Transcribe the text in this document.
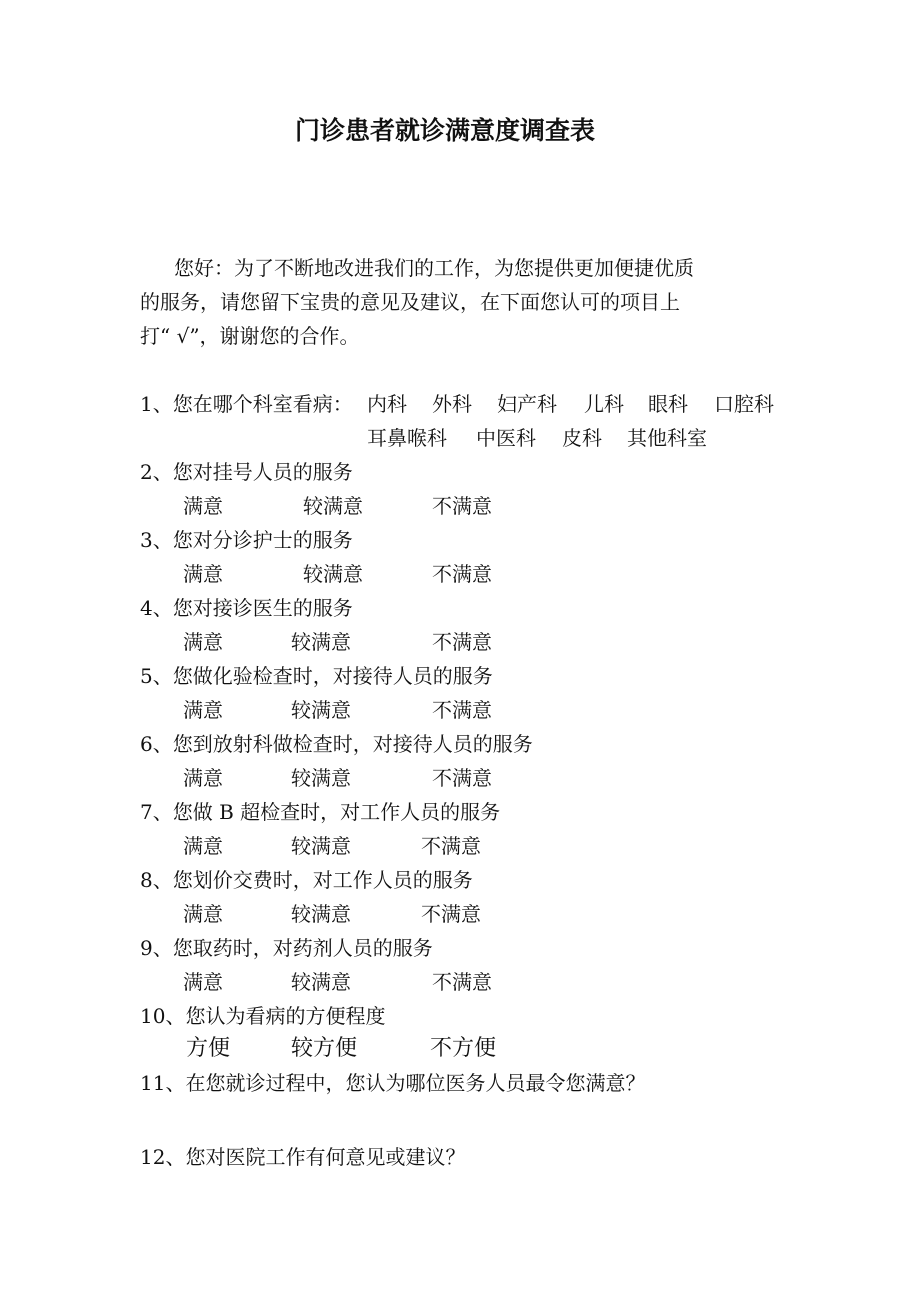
门诊患者就诊满意度调查表
您好：为了不断地改进我们的工作，为您提供更加便捷优质
的服务，请您留下宝贵的意见及建议，在下面您认可的项目上
打“ √”，谢谢您的合作。
1、您在哪个科室看病： 内科 外科 妇产科 儿科 眼科 口腔科
耳鼻喉科 中医科 皮科 其他科室
2、您对挂号人员的服务
满意	较满意	不满意
3、您对分诊护士的服务
满意	较满意	不满意
4、您对接诊医生的服务
满意	较满意	不满意
5、您做化验检查时，对接待人员的服务
满意	较满意	不满意
6、您到放射科做检查时，对接待人员的服务
满意	较满意	不满意
7、您做 B 超检查时，对工作人员的服务
满意	较满意	不满意
8、您划价交费时，对工作人员的服务
满意	较满意	不满意
9、您取药时，对药剂人员的服务
满意	较满意	不满意
10、您认为看病的方便程度
方便	较方便	不方便
11、在您就诊过程中，您认为哪位医务人员最令您满意？
12、您对医院工作有何意见或建议？
